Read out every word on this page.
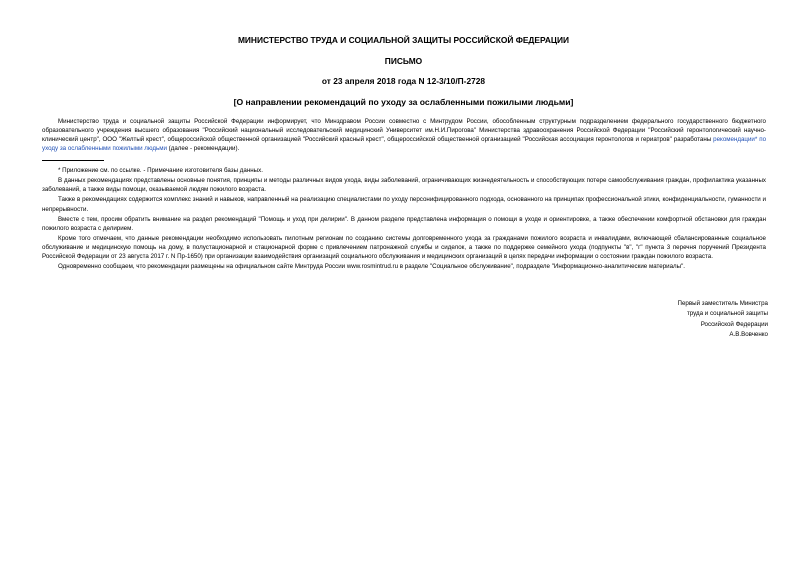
МИНИСТЕРСТВО ТРУДА И СОЦИАЛЬНОЙ ЗАЩИТЫ РОССИЙСКОЙ ФЕДЕРАЦИИ
ПИСЬМО
от 23 апреля 2018 года N 12-3/10/П-2728
[О направлении рекомендаций по уходу за ослабленными пожилыми людьми]

Министерство труда и социальной защиты Российской Федерации информирует, что Минздравом России совместно с Минтрудом России, обособленным структурным подразделением федерального государственного бюджетного образовательного учреждения высшего образования "Российский национальный исследовательский медицинский Университет им.Н.И.Пирогова" Министерства здравоохранения Российской Федерации "Российский геронтологический научно-клинический центр", ООО "Желтый крест", общероссийской общественной организацией "Российский красный крест", общероссийской общественной организацией "Российская ассоциация геронтологов и гериатров" разработаны рекомендации* по уходу за ослабленными пожилыми людьми (далее - рекомендации).

* Приложение см. по ссылке. - Примечание изготовителя базы данных.

В данных рекомендациях представлены основные понятия, принципы и методы различных видов ухода, виды заболеваний, ограничивающих жизнедеятельность и способствующих потере самообслуживания граждан, профилактика указанных заболеваний, а также виды помощи, оказываемой людям пожилого возраста.

Также в рекомендациях содержится комплекс знаний и навыков, направленный на реализацию специалистами по уходу персонифицированного подхода, основанного на принципах профессиональной этики, конфиденциальности, гуманности и непрерывности.

Вместе с тем, просим обратить внимание на раздел рекомендаций "Помощь и уход при делирии". В данном разделе представлена информация о помощи в уходе и ориентировке, а также обеспечении комфортной обстановки для граждан пожилого возраста с делирием.

Кроме того отмечаем, что данные рекомендации необходимо использовать пилотным регионам по созданию системы долговременного ухода за гражданами пожилого возраста и инвалидами, включающей сбалансированные социальное обслуживание и медицинскую помощь на дому, в полустационарной и стационарной форме с привлечением патронажной службы и сиделок, а также по поддержке семейного ухода (подпункты "в", "г" пункта 3 перечня поручений Президента Российской Федерации от 23 августа 2017 г. N Пр-1650) при организации взаимодействия организаций социального обслуживания и медицинских организаций в целях передачи информации о состоянии граждан пожилого возраста.

Одновременно сообщаем, что рекомендации размещены на официальном сайте Минтруда России www.rosmintrud.ru в разделе "Социальное обслуживание", подразделе "Информационно-аналитические материалы".

Первый заместитель Министра
труда и социальной защиты
Российской Федерации
А.В.Вовченко
